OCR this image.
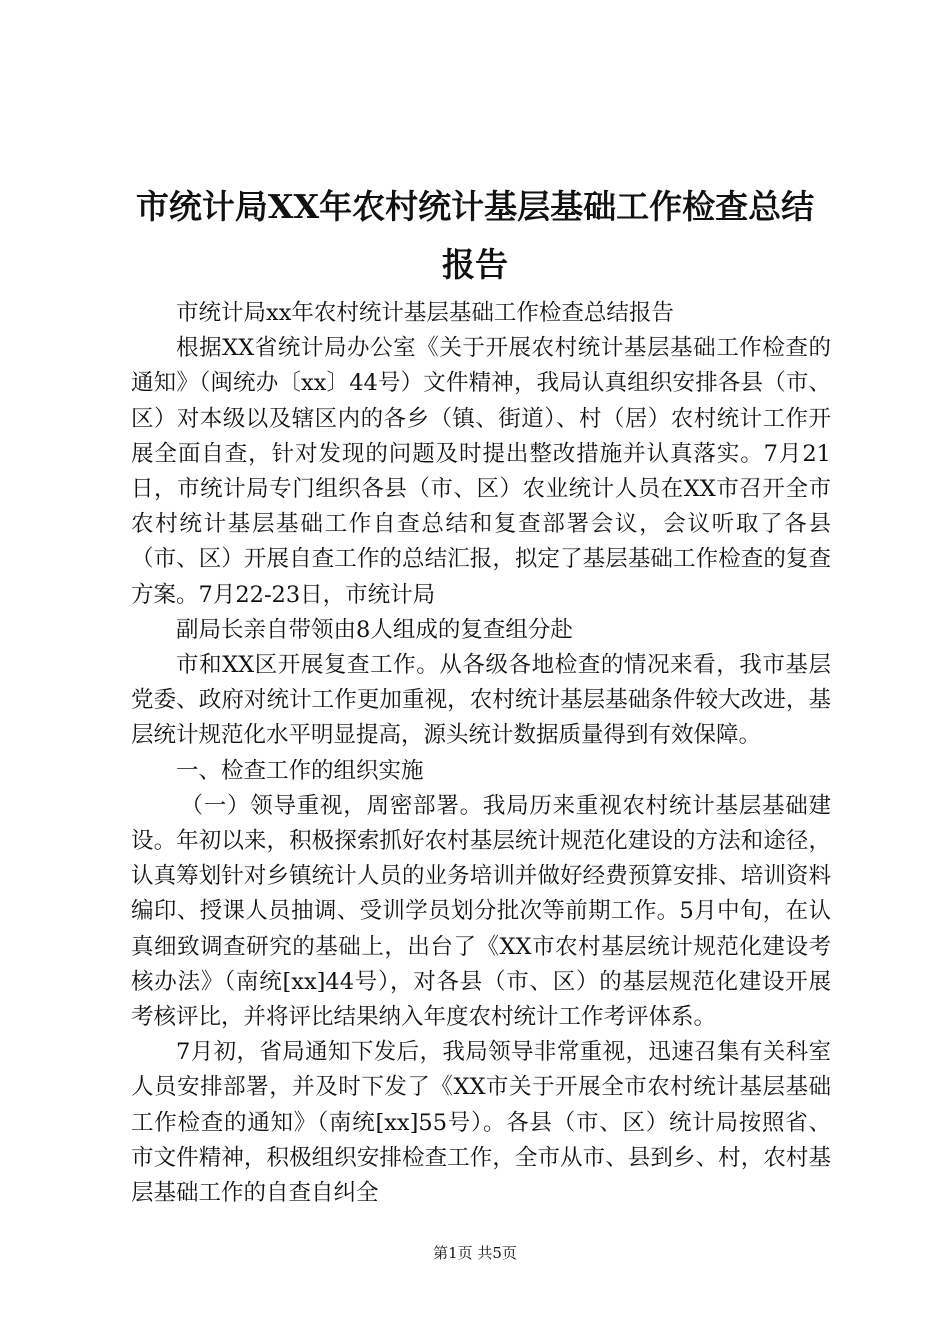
市统计局XX年农村统计基层基础工作检查总结报告

市统计局xx年农村统计基层基础工作检查总结报告

根据XX省统计局办公室《关于开展农村统计基层基础工作检查的通知》（闽统办〔xx〕44号）文件精神，我局认真组织安排各县（市、区）对本级以及辖区内的各乡（镇、街道）、村（居）农村统计工作开展全面自查，针对发现的问题及时提出整改措施并认真落实。7月21日，市统计局专门组织各县（市、区）农业统计人员在XX市召开全市农村统计基层基础工作自查总结和复查部署会议，会议听取了各县（市、区）开展自查工作的总结汇报，拟定了基层基础工作检查的复查方案。7月22-23日，市统计局

副局长亲自带领由8人组成的复查组分赴

市和XX区开展复查工作。从各级各地检查的情况来看，我市基层党委、政府对统计工作更加重视，农村统计基层基础条件较大改进，基层统计规范化水平明显提高，源头统计数据质量得到有效保障。

一、检查工作的组织实施

（一）领导重视，周密部署。我局历来重视农村统计基层基础建设。年初以来，积极探索抓好农村基层统计规范化建设的方法和途径，认真筹划针对乡镇统计人员的业务培训并做好经费预算安排、培训资料编印、授课人员抽调、受训学员划分批次等前期工作。5月中旬，在认真细致调查研究的基础上，出台了《XX市农村基层统计规范化建设考核办法》（南统[xx]44号），对各县（市、区）的基层规范化建设开展考核评比，并将评比结果纳入年度农村统计工作考评体系。

7月初，省局通知下发后，我局领导非常重视，迅速召集有关科室人员安排部署，并及时下发了《XX市关于开展全市农村统计基层基础工作检查的通知》（南统[xx]55号）。各县（市、区）统计局按照省、市文件精神，积极组织安排检查工作，全市从市、县到乡、村，农村基层基础工作的自查自纠全

第1页 共5页
